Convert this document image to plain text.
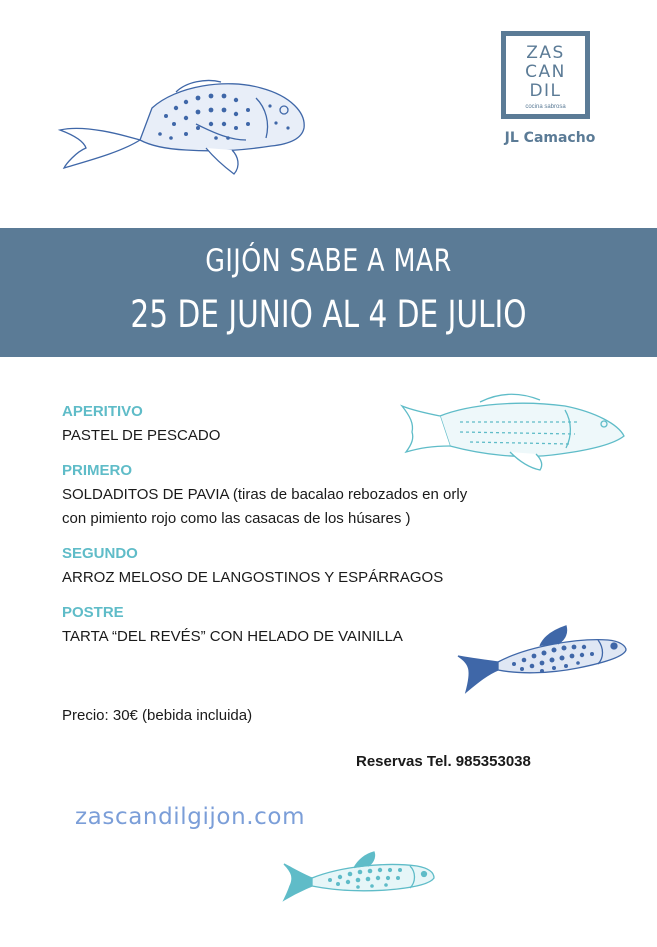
ZAS
CAN
DIL
cocina sabrosa
JL Camacho
GIJÓN SABE A MAR
25 DE JUNIO AL 4 DE JULIO
APERITIVO
PASTEL DE PESCADO
PRIMERO
SOLDADITOS DE PAVIA (tiras de bacalao rebozados en orly con pimiento rojo como las casacas de los húsares )
SEGUNDO
ARROZ MELOSO DE LANGOSTINOS Y ESPÁRRAGOS
POSTRE
TARTA “DEL REVÉS” CON HELADO DE VAINILLA
Precio: 30€ (bebida incluida)
Reservas Tel. 985353038
zascandilgijon.com
